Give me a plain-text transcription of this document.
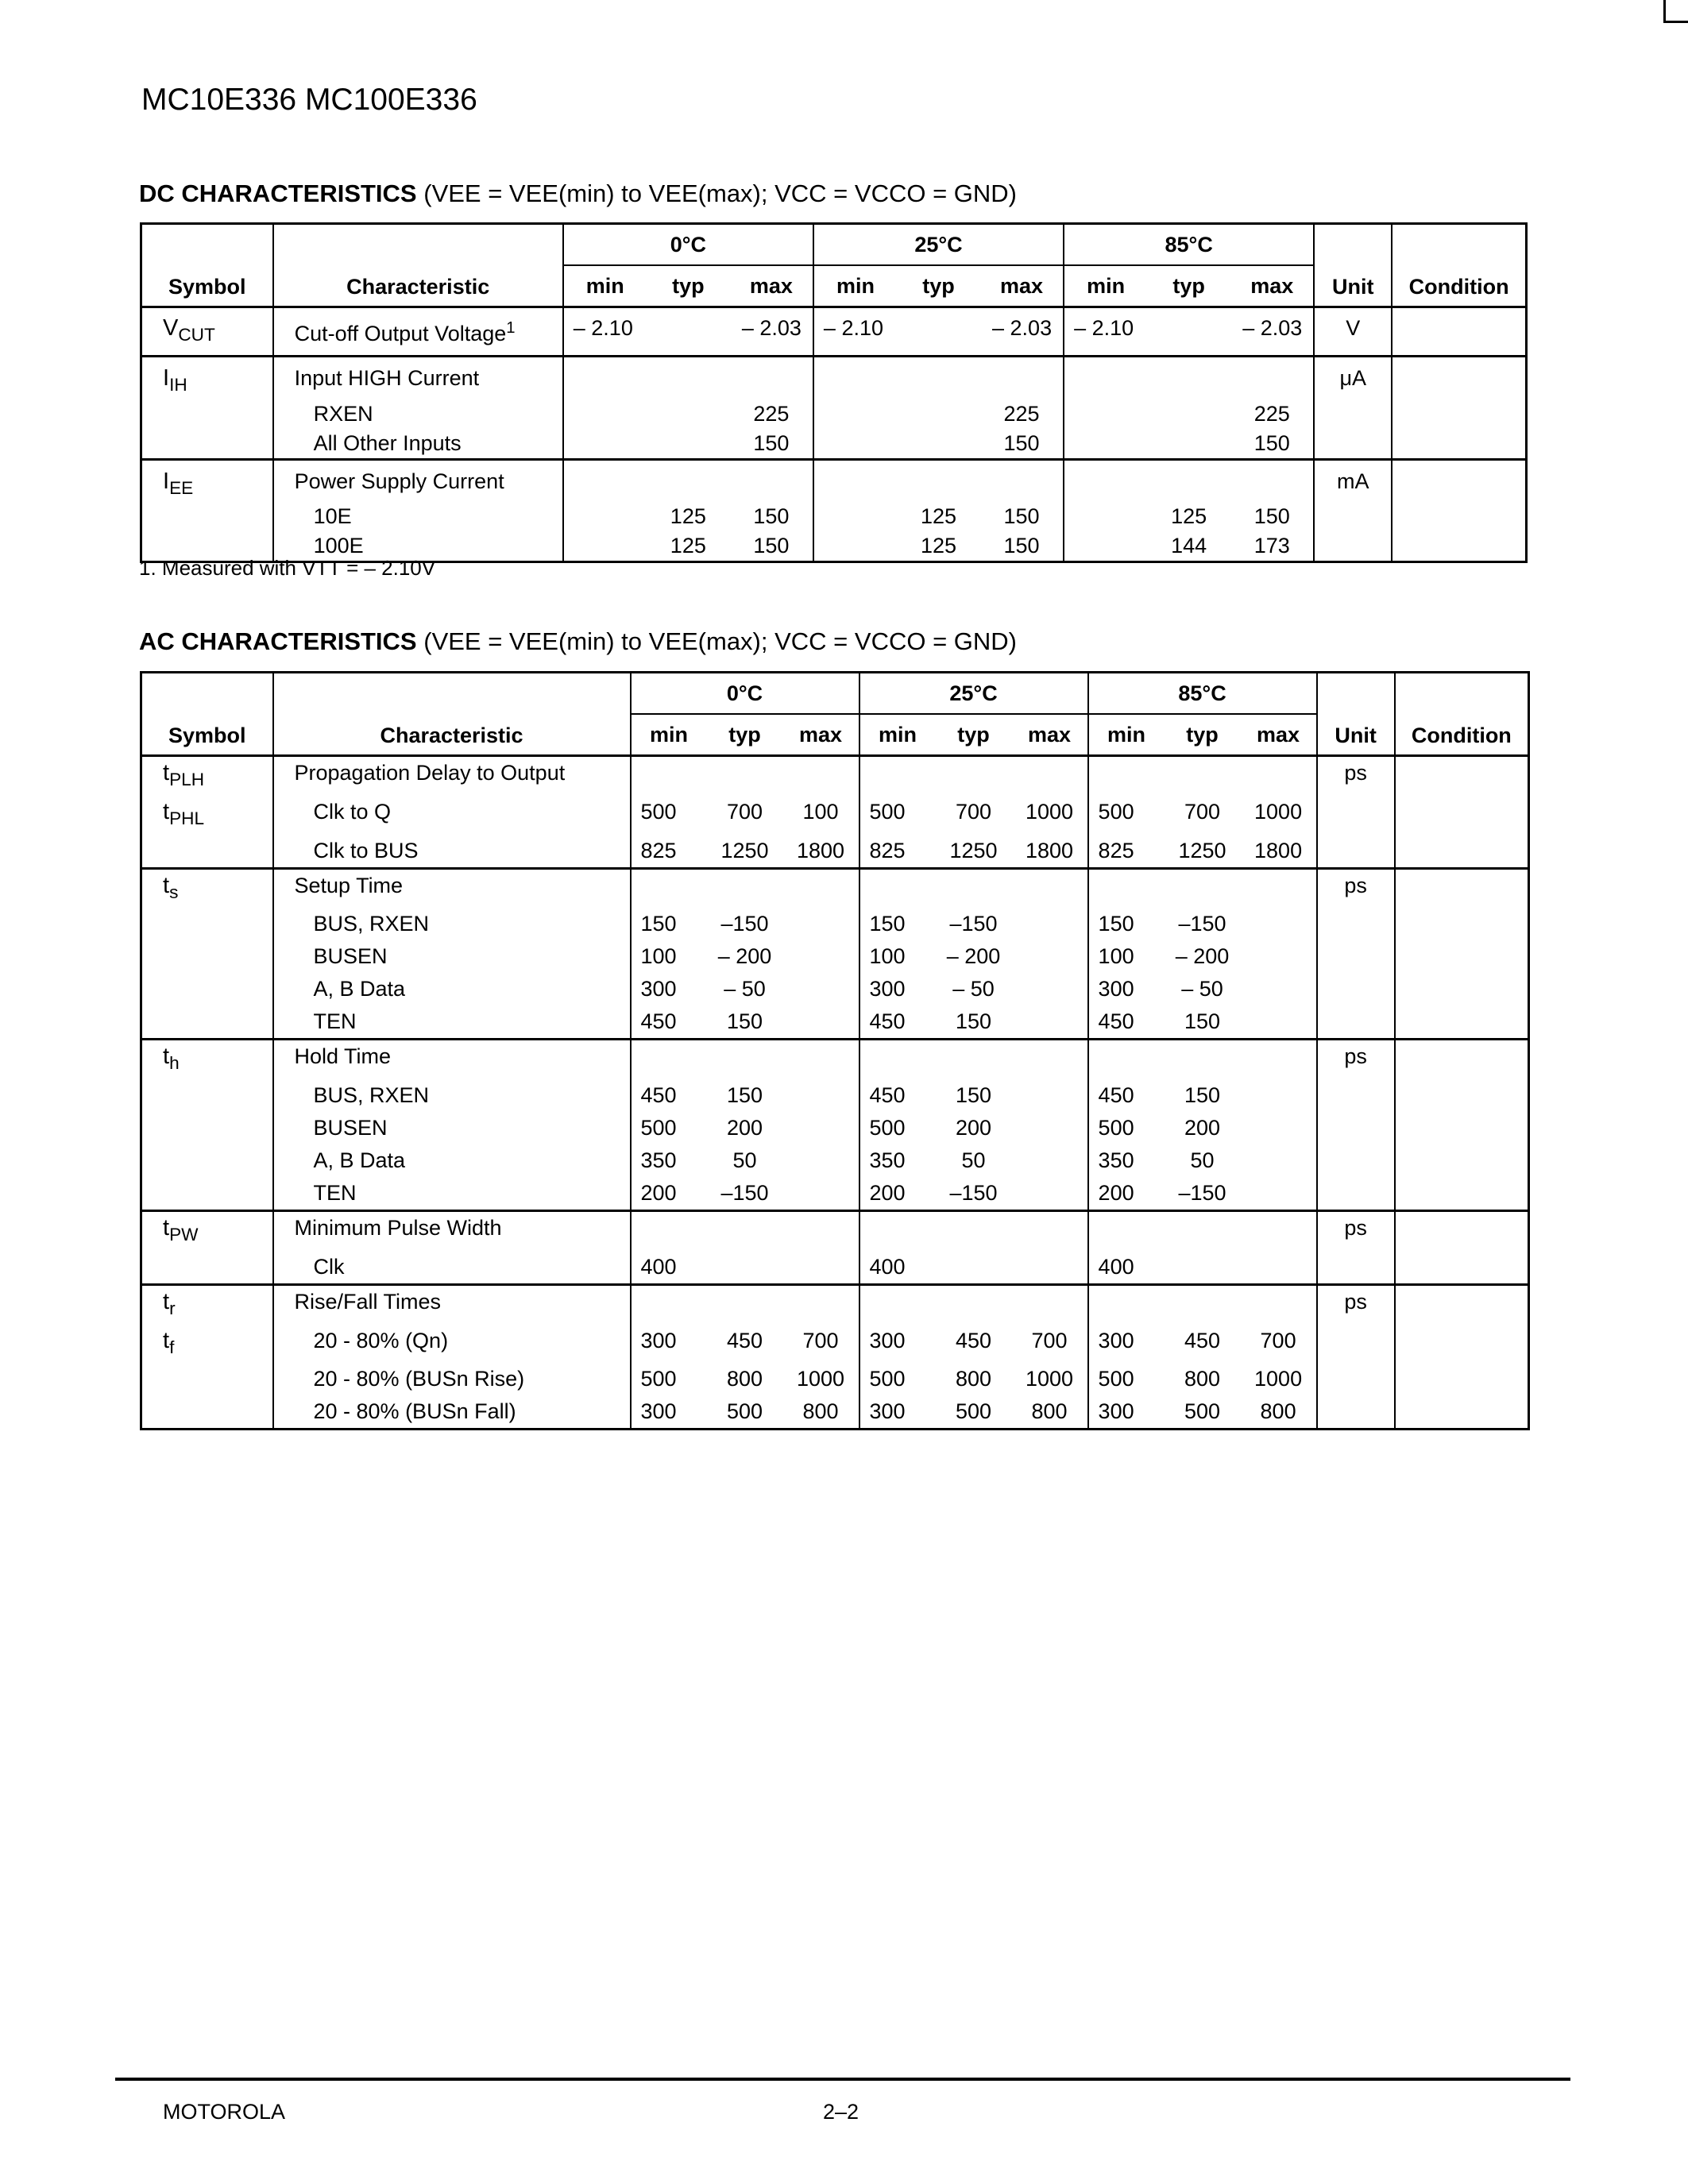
MC10E336 MC100E336
DC CHARACTERISTICS (VEE = VEE(min) to VEE(max); VCC = VCCO = GND)
Symbol	Characteristic	0°C			25°C			85°C			Unit	Condition
		min	typ	max	min	typ	max	min	typ	max		
$V_{CUT}$	Cut-off Output Voltage$^1$	– 2.10		– 2.03	– 2.10		– 2.03	– 2.10		– 2.03	V	
$I_{IH}$	Input HIGH Current										μA	
	RXEN			225			225			225		
	All Other Inputs			150			150			150		
$I_{EE}$	Power Supply Current										mA	
	10E		125	150		125	150		125	150		
	100E		125	150		125	150		144	173		
1. Measured with VTT = – 2.10V
AC CHARACTERISTICS (VEE = VEE(min) to VEE(max); VCC = VCCO = GND)
Symbol	Characteristic	0°C			25°C			85°C			Unit	Condition
		min	typ	max	min	typ	max	min	typ	max		
$t_{PLH}$	Propagation Delay to Output										ps	
$t_{PHL}$	Clk to Q	500	700	100	500	700	1000	500	700	1000		
	Clk to BUS	825	1250	1800	825	1250	1800	825	1250	1800		
$t_s$	Setup Time										ps	
	BUS, RXEN	150	–150		150	–150		150	–150			
	BUSEN	100	– 200		100	– 200		100	– 200			
	A, B Data	300	– 50		300	– 50		300	– 50			
	TEN	450	150		450	150		450	150			
$t_h$	Hold Time										ps	
	BUS, RXEN	450	150		450	150		450	150			
	BUSEN	500	200		500	200		500	200			
	A, B Data	350	50		350	50		350	50			
	TEN	200	–150		200	–150		200	–150			
$t_{PW}$	Minimum Pulse Width										ps	
	Clk	400			400			400				
$t_r$	Rise/Fall Times										ps	
$t_f$	20 - 80% (Qn)	300	450	700	300	450	700	300	450	700		
	20 - 80% (BUSn Rise)	500	800	1000	500	800	1000	500	800	1000		
	20 - 80% (BUSn Fall)	300	500	800	300	500	800	300	500	800		
MOTOROLA	2–2
